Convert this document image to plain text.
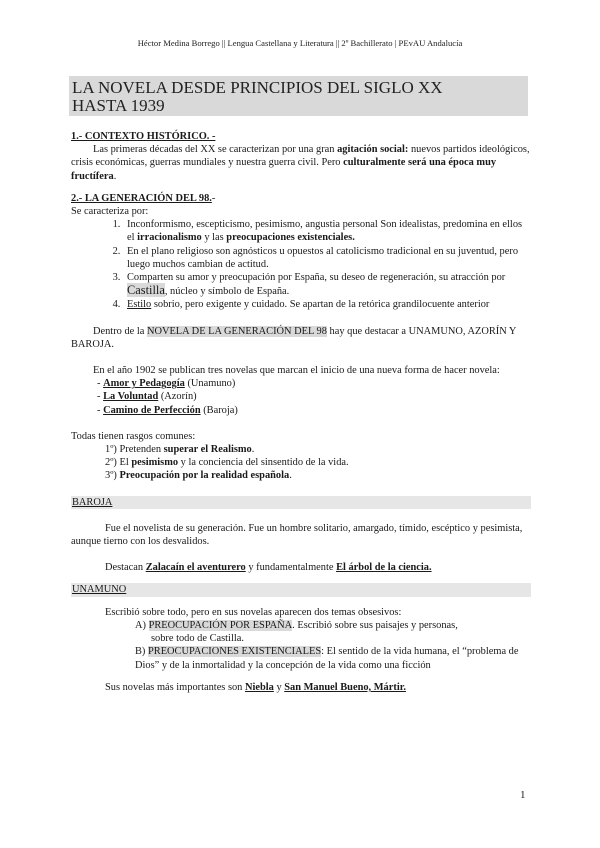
Héctor Medina Borrego || Lengua Castellana y Literatura || 2º Bachillerato | PEvAU Andalucía
LA NOVELA DESDE PRINCIPIOS DEL SIGLO XX
HASTA 1939
1.- CONTEXTO HISTÓRICO. -

Las primeras décadas del XX se caracterizan por una gran agitación social: nuevos partidos ideológicos, crisis económicas, guerras mundiales y nuestra guerra civil. Pero culturalmente será una época muy fructífera.

2.- LA GENERACIÓN DEL 98.-

Se caracteriza por:

1. Inconformismo, escepticismo, pesimismo, angustia personal Son idealistas, predomina en ellos el irracionalismo y las preocupaciones existenciales.
2. En el plano religioso son agnósticos u opuestos al catolicismo tradicional en su juventud, pero luego muchos cambian de actitud.
3. Comparten su amor y preocupación por España, su deseo de regeneración, su atracción por Castilla, núcleo y símbolo de España.
4. Estilo sobrio, pero exigente y cuidado. Se apartan de la retórica grandilocuente anterior

Dentro de la NOVELA DE LA GENERACIÓN DEL 98 hay que destacar a UNAMUNO, AZORÍN Y BAROJA.

En el año 1902 se publican tres novelas que marcan el inicio de una nueva forma de hacer novela:

- Amor y Pedagogía (Unamuno)
- La Voluntad (Azorín)
- Camino de Perfección (Baroja)

Todas tienen rasgos comunes:

1º) Pretenden superar el Realismo.
2º) El pesimismo y la conciencia del sinsentido de la vida.
3º) Preocupación por la realidad española.
BAROJA

Fue el novelista de su generación. Fue un hombre solitario, amargado, tímido, escéptico y pesimista, aunque tierno con los desvalidos.

Destacan Zalacaín el aventurero y fundamentalmente El árbol de la ciencia.

UNAMUNO

Escribió sobre todo, pero en sus novelas aparecen dos temas obsesivos:

A) PREOCUPACIÓN POR ESPAÑA. Escribió sobre sus paisajes y personas,
sobre todo de Castilla.
B) PREOCUPACIONES EXISTENCIALES: El sentido de la vida humana, el “problema de Dios” y de la inmortalidad y la concepción de la vida como una ficción

Sus novelas más importantes son Niebla y San Manuel Bueno, Mártir.

1
